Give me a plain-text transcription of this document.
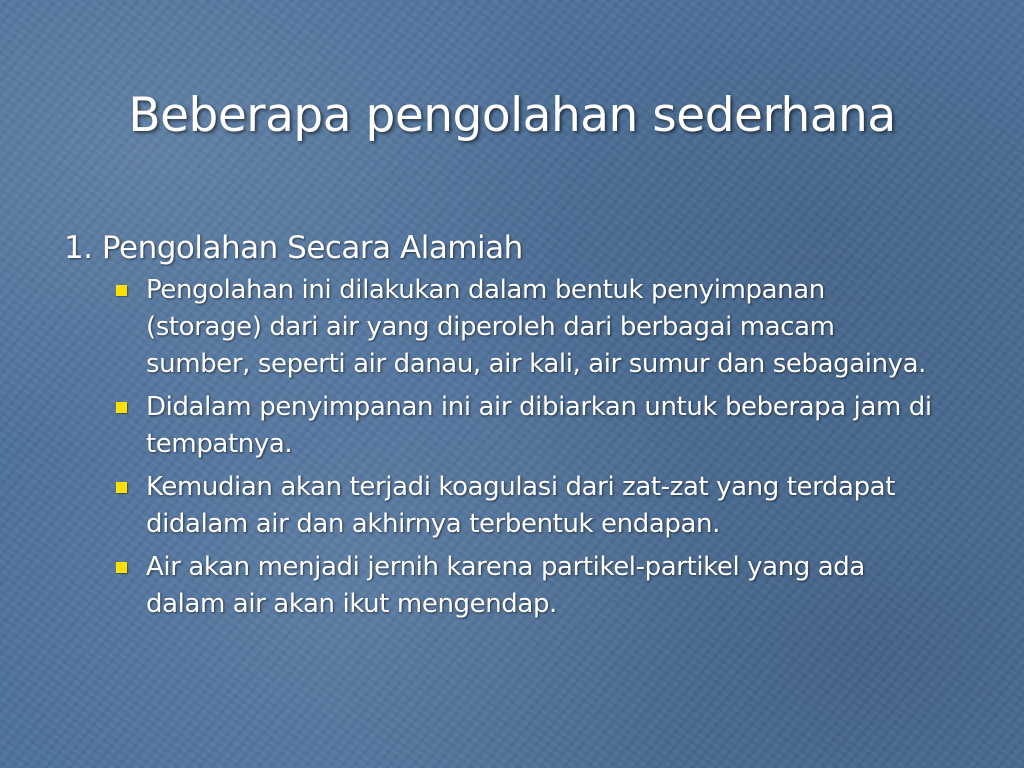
Beberapa pengolahan sederhana
1. Pengolahan Secara Alamiah
Pengolahan ini dilakukan dalam bentuk penyimpanan (storage) dari air yang diperoleh dari berbagai macam sumber, seperti air danau, air kali, air sumur dan sebagainya.
Didalam penyimpanan ini air dibiarkan untuk beberapa jam di tempatnya.
Kemudian akan terjadi koagulasi dari zat-zat yang terdapat didalam air dan akhirnya terbentuk endapan.
Air akan menjadi jernih karena partikel-partikel yang ada dalam air akan ikut mengendap.
